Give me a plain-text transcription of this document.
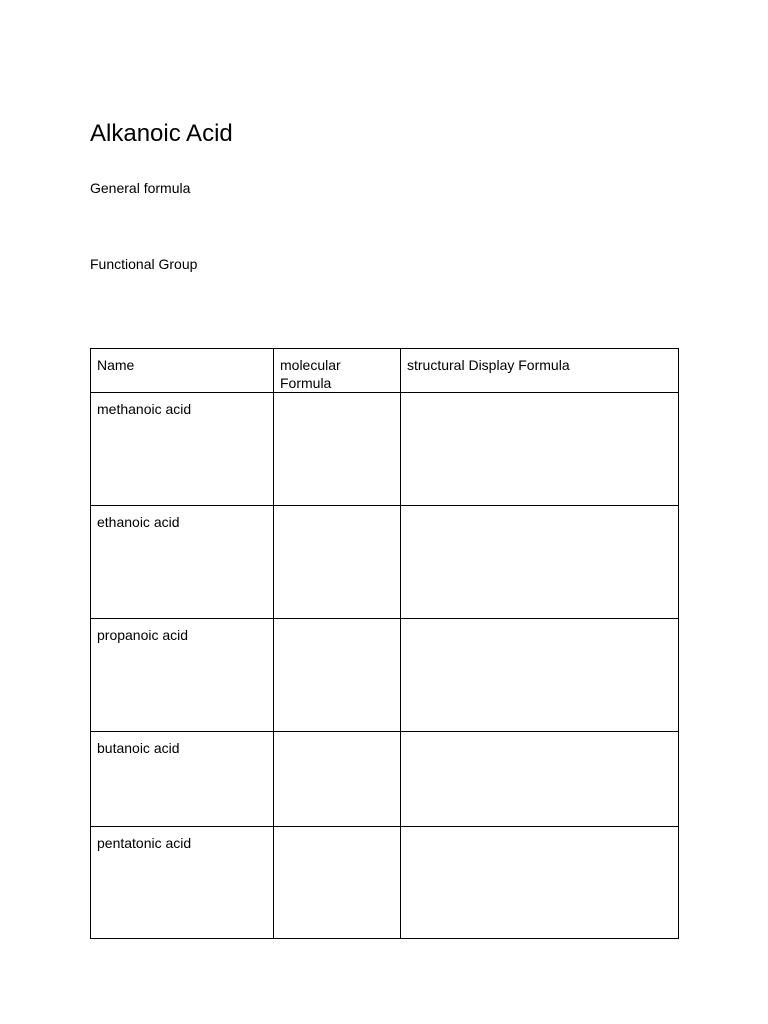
Alkanoic Acid
General formula
Functional Group
Name	molecular Formula	structural Display Formula
methanoic acid		
ethanoic acid		
propanoic acid		
butanoic acid		
pentatonic acid		
